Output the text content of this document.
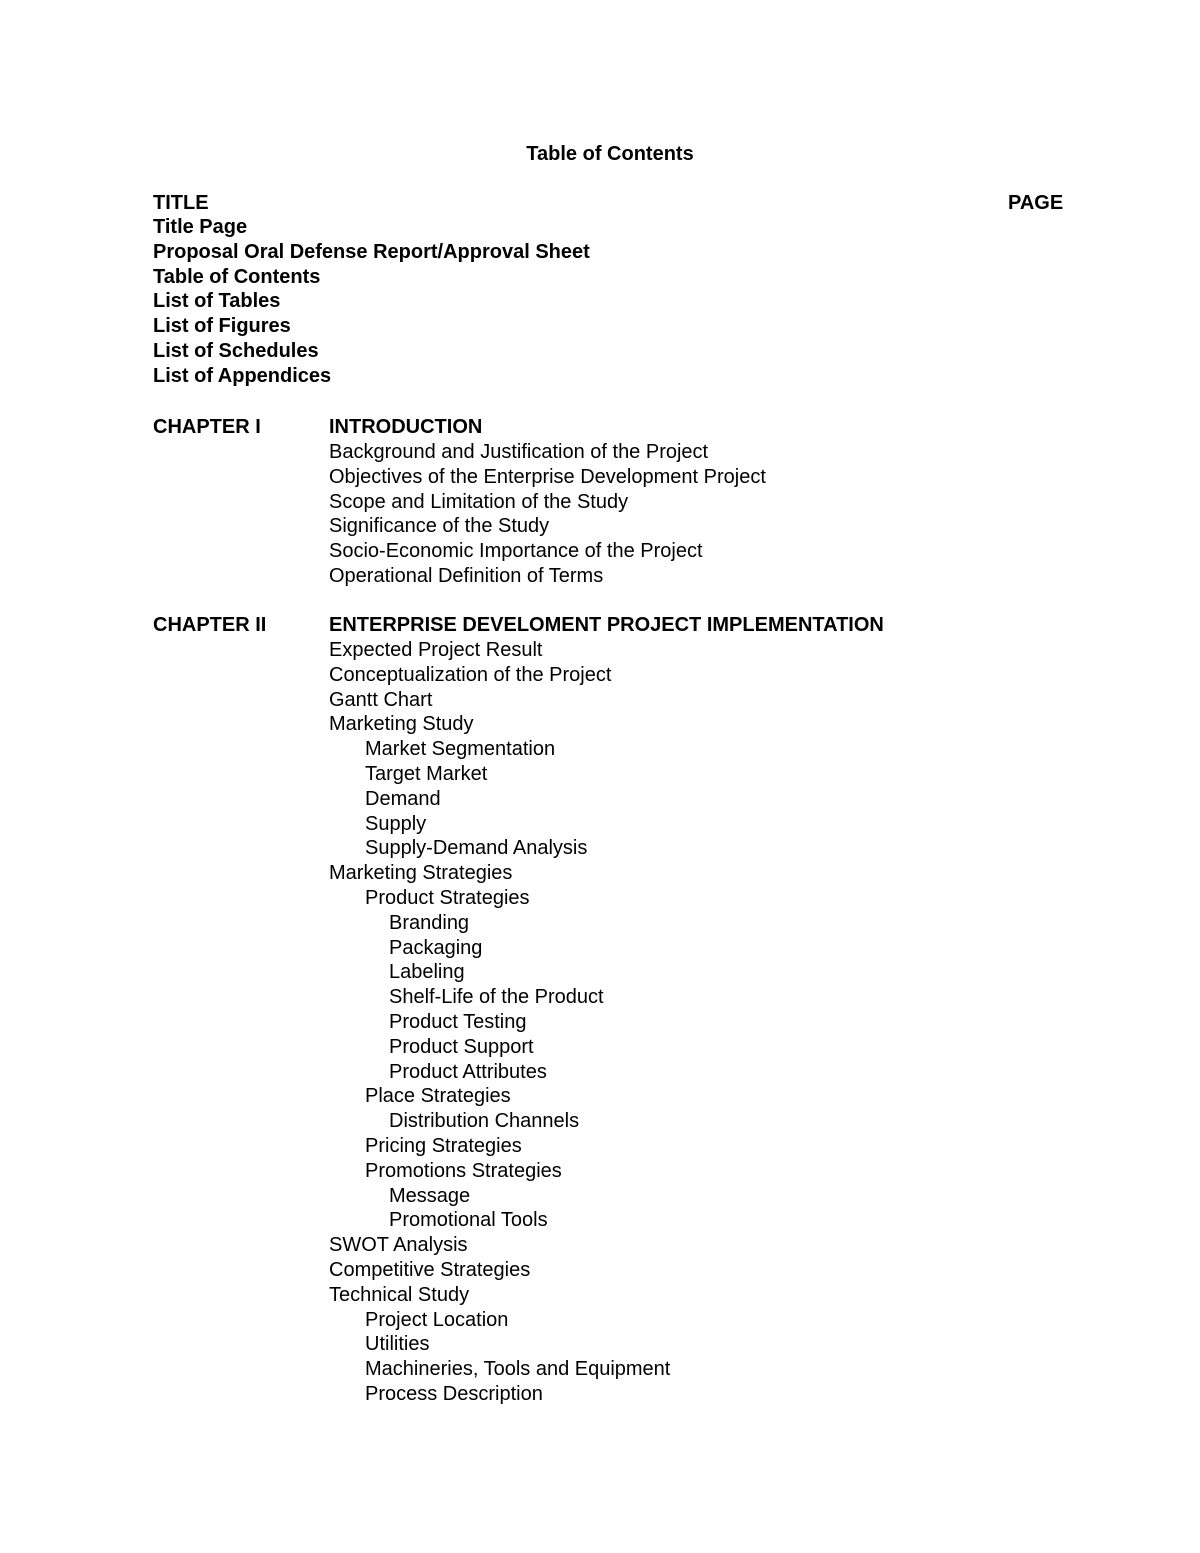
Table of Contents
TITLE	PAGE
Title Page
Proposal Oral Defense Report/Approval Sheet
Table of Contents
List of Tables
List of Figures
List of Schedules
List of Appendices
CHAPTER I	INTRODUCTION
Background and Justification of the Project
Objectives of the Enterprise Development Project
Scope and Limitation of the Study
Significance of the Study
Socio-Economic Importance of the Project
Operational Definition of Terms
CHAPTER II	ENTERPRISE DEVELOMENT PROJECT IMPLEMENTATION
Expected Project Result
Conceptualization of the Project
Gantt Chart
Marketing Study
Market Segmentation
Target Market
Demand
Supply
Supply-Demand Analysis
Marketing Strategies
Product Strategies
Branding
Packaging
Labeling
Shelf-Life of the Product
Product Testing
Product Support
Product Attributes
Place Strategies
Distribution Channels
Pricing Strategies
Promotions Strategies
Message
Promotional Tools
SWOT Analysis
Competitive Strategies
Technical Study
Project Location
Utilities
Machineries, Tools and Equipment
Process Description
